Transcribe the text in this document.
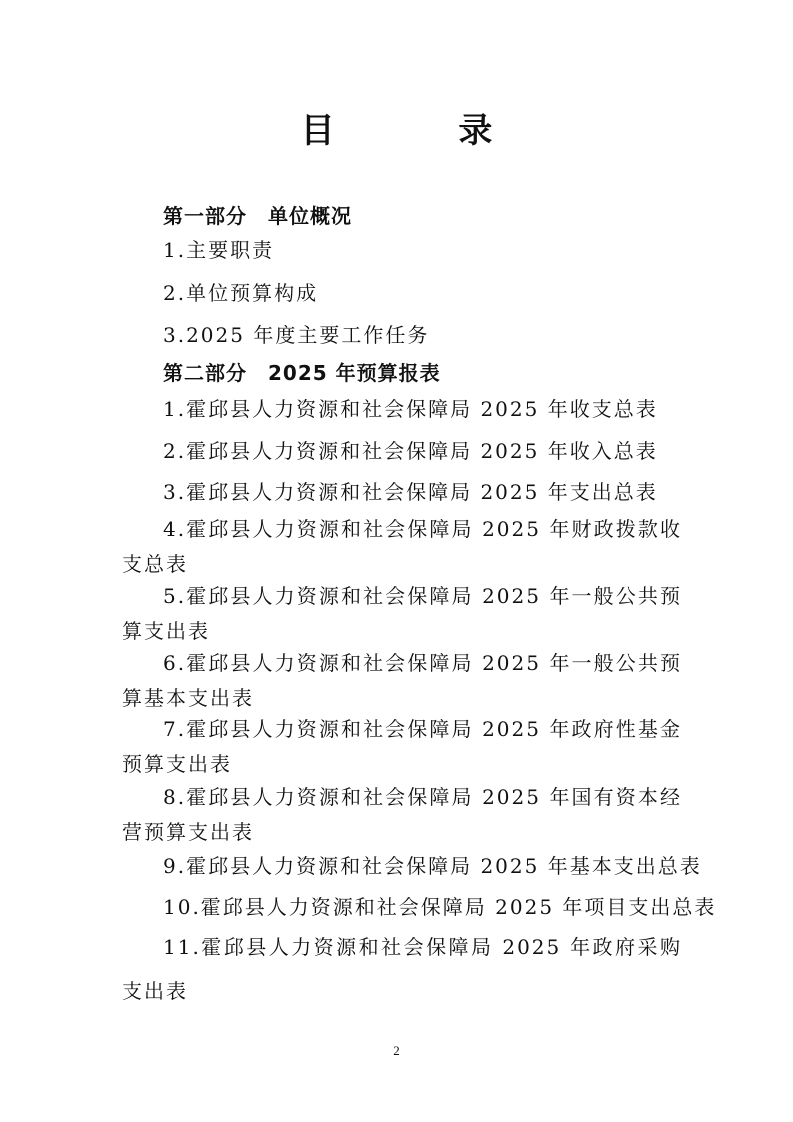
目 录
第一部分　单位概况
1.主要职责
2.单位预算构成
3.2025 年度主要工作任务
第二部分　2025 年预算报表
1.霍邱县人力资源和社会保障局 2025 年收支总表
2.霍邱县人力资源和社会保障局 2025 年收入总表
3.霍邱县人力资源和社会保障局 2025 年支出总表
4.霍邱县人力资源和社会保障局 2025 年财政拨款收支总表
5.霍邱县人力资源和社会保障局 2025 年一般公共预算支出表
6.霍邱县人力资源和社会保障局 2025 年一般公共预算基本支出表
7.霍邱县人力资源和社会保障局 2025 年政府性基金预算支出表
8.霍邱县人力资源和社会保障局 2025 年国有资本经营预算支出表
9.霍邱县人力资源和社会保障局 2025 年基本支出总表
10.霍邱县人力资源和社会保障局 2025 年项目支出总表
11.霍邱县人力资源和社会保障局 2025 年政府采购支出表
2
